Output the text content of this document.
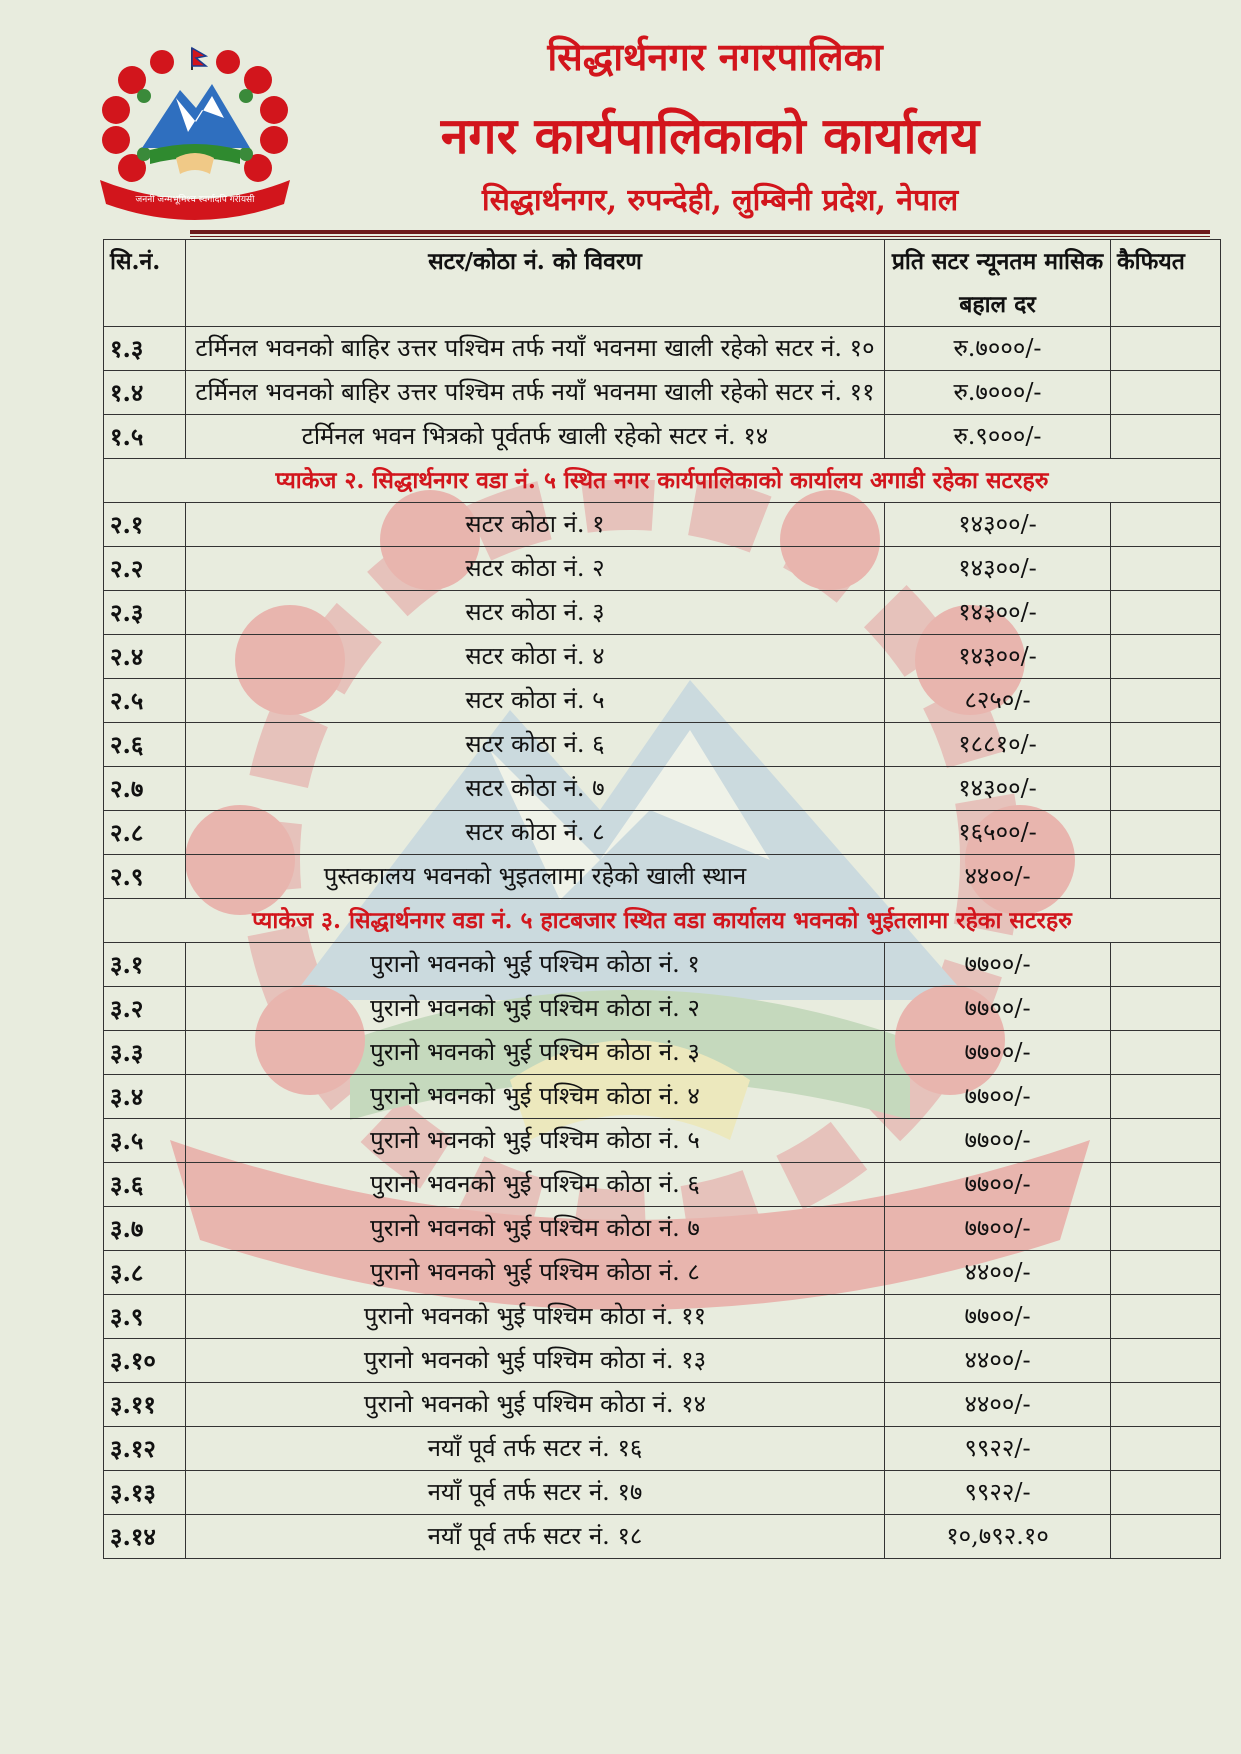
जननी जन्मभूमिश्च स्वर्गादपि गरीयसी
सिद्धार्थनगर नगरपालिका
नगर कार्यपालिकाको कार्यालय
सिद्धार्थनगर, रुपन्देही, लुम्बिनी प्रदेश, नेपाल
सि.नं.	सटर/कोठा नं. को विवरण	प्रति सटर न्यूनतम मासिक बहाल दर	कैफियत
१.३	टर्मिनल भवनको बाहिर उत्तर पश्चिम तर्फ नयाँ भवनमा खाली रहेको सटर नं. १०	रु.७०००/-	
१.४	टर्मिनल भवनको बाहिर उत्तर पश्चिम तर्फ नयाँ भवनमा खाली रहेको सटर नं. ११	रु.७०००/-	
१.५	टर्मिनल भवन भित्रको पूर्वतर्फ खाली रहेको सटर नं. १४	रु.९०००/-	
प्याकेज २. सिद्धार्थनगर वडा नं. ५ स्थित नगर कार्यपालिकाको कार्यालय अगाडी रहेका सटरहरु			
२.१	सटर कोठा नं. १	१४३००/-	
२.२	सटर कोठा नं. २	१४३००/-	
२.३	सटर कोठा नं. ३	१४३००/-	
२.४	सटर कोठा नं. ४	१४३००/-	
२.५	सटर कोठा नं. ५	८२५०/-	
२.६	सटर कोठा नं. ६	१८८१०/-	
२.७	सटर कोठा नं. ७	१४३००/-	
२.८	सटर कोठा नं. ८	१६५००/-	
२.९	पुस्तकालय भवनको भुइतलामा रहेको खाली स्थान	४४००/-	
प्याकेज ३. सिद्धार्थनगर वडा नं. ५ हाटबजार स्थित वडा कार्यालय भवनको भुईतलामा रहेका सटरहरु			
३.१	पुरानो भवनको भुई पश्चिम कोठा नं. १	७७००/-	
३.२	पुरानो भवनको भुई पश्चिम कोठा नं. २	७७००/-	
३.३	पुरानो भवनको भुई पश्चिम कोठा नं. ३	७७००/-	
३.४	पुरानो भवनको भुई पश्चिम कोठा नं. ४	७७००/-	
३.५	पुरानो भवनको भुई पश्चिम कोठा नं. ५	७७००/-	
३.६	पुरानो भवनको भुई पश्चिम कोठा नं. ६	७७००/-	
३.७	पुरानो भवनको भुई पश्चिम कोठा नं. ७	७७००/-	
३.८	पुरानो भवनको भुई पश्चिम कोठा नं. ८	४४००/-	
३.९	पुरानो भवनको भुई पश्चिम कोठा नं. ११	७७००/-	
३.१०	पुरानो भवनको भुई पश्चिम कोठा नं. १३	४४००/-	
३.११	पुरानो भवनको भुई पश्चिम कोठा नं. १४	४४००/-	
३.१२	नयाँ पूर्व तर्फ सटर नं. १६	९९२२/-	
३.१३	नयाँ पूर्व तर्फ सटर नं. १७	९९२२/-	
३.१४	नयाँ पूर्व तर्फ सटर नं. १८	१०,७९२.१०	
